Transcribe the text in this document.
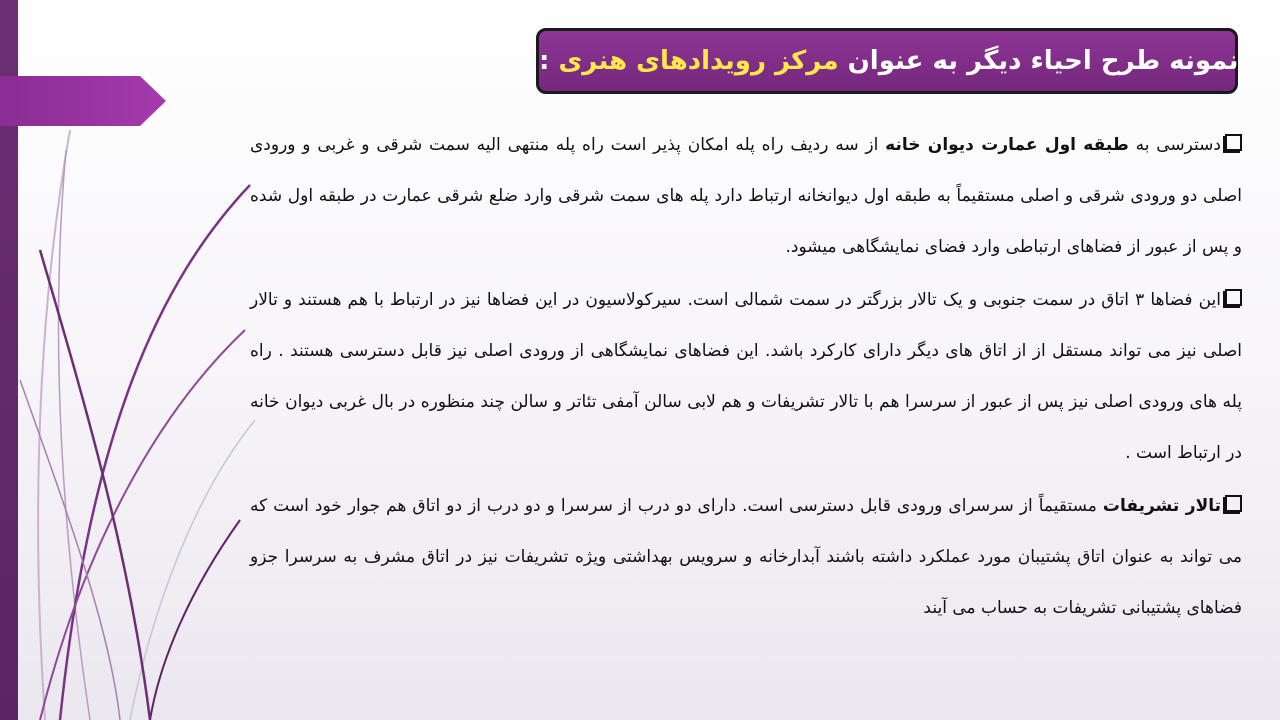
نمونه طرح احیاء دیگر به عنوان مرکز رویدادهای هنری :

دسترسی به طبقه اول عمارت دیوان خانه از سه ردیف راه پله امکان پذیر است راه پله منتهی الیه سمت شرقی و غربی و ورودی اصلی دو ورودی شرقی و اصلی مستقیماً به طبقه اول دیوانخانه ارتباط دارد پله های سمت شرقی وارد ضلع شرقی عمارت در طبقه اول شده و پس از عبور از فضاهای ارتباطی وارد فضای نمایشگاهی میشود.

این فضاها ۳ اتاق در سمت جنوبی و یک تالار بزرگتر در سمت شمالی است. سیرکولاسیون در این فضاها نیز در ارتباط با هم هستند و تالار اصلی نیز می تواند مستقل از از اتاق های دیگر دارای کارکرد باشد. این فضاهای نمایشگاهی از ورودی اصلی نیز قابل دسترسی هستند . راه پله های ورودی اصلی نیز پس از عبور از سرسرا هم با تالار تشریفات و هم لابی سالن آمفی تئاتر و سالن چند منظوره در بال غربی دیوان خانه در ارتباط است .

تالار تشریفات مستقیماً از سرسرای ورودی قابل دسترسی است. دارای دو درب از سرسرا و دو درب از دو اتاق هم جوار خود است که می تواند به عنوان اتاق پشتیبان مورد عملکرد داشته باشند آبدارخانه و سرویس بهداشتی ویژه تشریفات نیز در اتاق مشرف به سرسرا جزو فضاهای پشتیبانی تشریفات به حساب می آیند
